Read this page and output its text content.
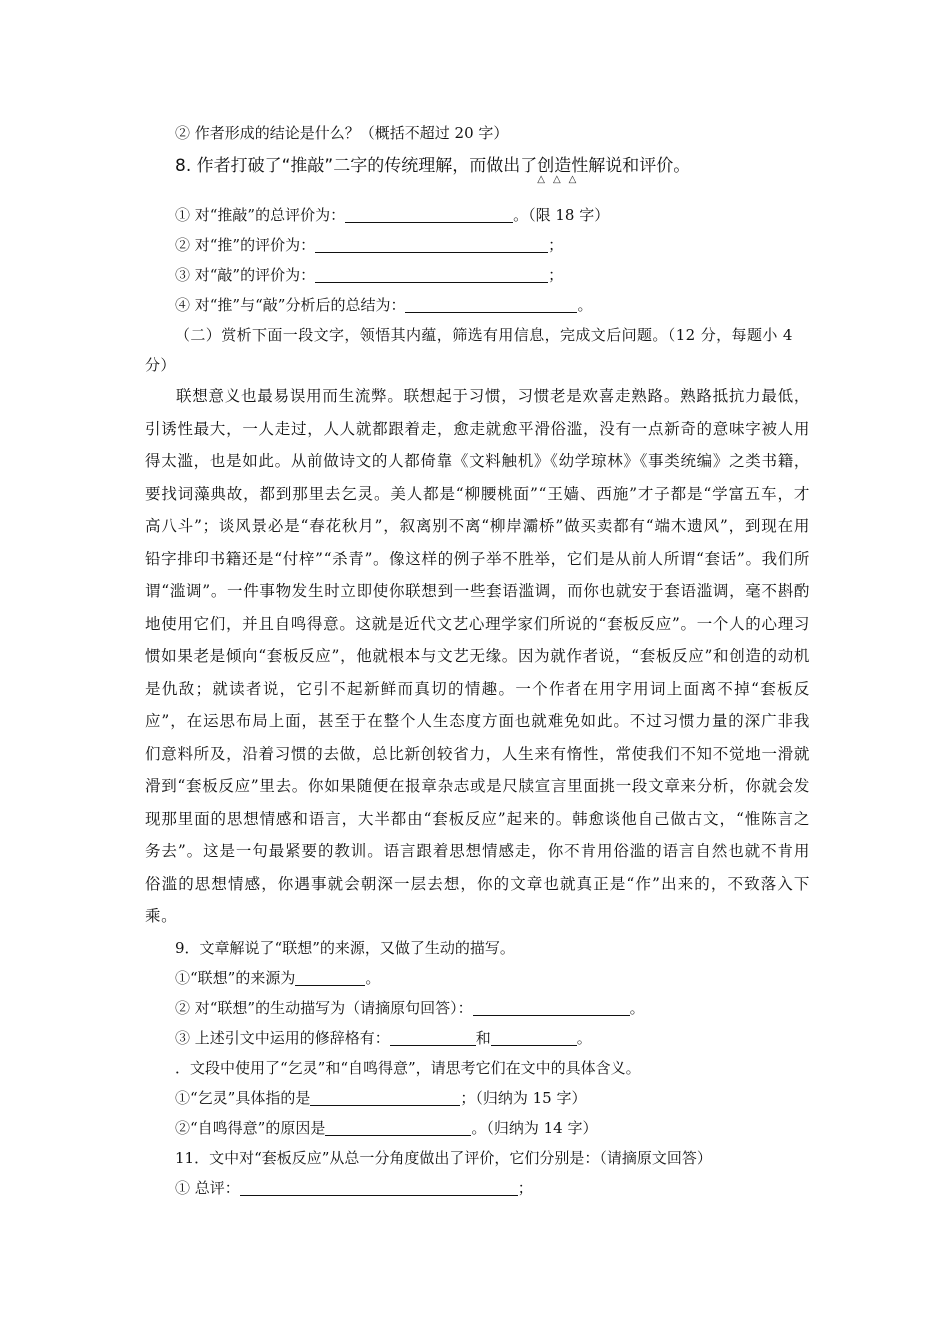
② 作者形成的结论是什么？（概括不超过 20 字）
8. 作者打破了“推敲”二字的传统理解，而做出了创造性
△△△
解说和评价。
① 对“推敲”的总评价为：	。（限 18 字）
② 对“推”的评价为：	；
③ 对“敲”的评价为：	；
④ 对“推”与“敲”分析后的总结为：	。
（二）赏析下面一段文字，领悟其内蕴，筛选有用信息，完成文后问题。（12 分，每题小 4 分）
联想意义也最易误用而生流弊。联想起于习惯，习惯老是欢喜走熟路。熟路抵抗力最低，引诱性最大，一人走过，人人就都跟着走，愈走就愈平滑俗滥，没有一点新奇的意味字被人用得太滥，也是如此。从前做诗文的人都倚靠《文料触机》《幼学琼林》《事类统编》之类书籍，要找词藻典故，都到那里去乞灵。美人都是“柳腰桃面”“王嫱、西施”才子都是“学富五车，才高八斗”；谈风景必是“春花秋月”，叙离别不离“柳岸灞桥”做买卖都有“端木遗风”，到现在用铅字排印书籍还是“付梓”“杀青”。像这样的例子举不胜举，它们是从前人所谓“套话”。我们所谓“滥调”。一件事物发生时立即使你联想到一些套语滥调，而你也就安于套语滥调，毫不斟酌地使用它们，并且自鸣得意。这就是近代文艺心理学家们所说的“套板反应”。一个人的心理习惯如果老是倾向“套板反应”，他就根本与文艺无缘。因为就作者说，“套板反应”和创造的动机是仇敌；就读者说，它引不起新鲜而真切的情趣。一个作者在用字用词上面离不掉“套板反应”，在运思布局上面，甚至于在整个人生态度方面也就难免如此。不过习惯力量的深广非我们意料所及，沿着习惯的去做，总比新创较省力，人生来有惰性，常使我们不知不觉地一滑就滑到“套板反应”里去。你如果随便在报章杂志或是尺牍宣言里面挑一段文章来分析，你就会发现那里面的思想情感和语言，大半都由“套板反应”起来的。韩愈谈他自己做古文，“惟陈言之务去”。这是一句最紧要的教训。语言跟着思想情感走，你不肯用俗滥的语言自然也就不肯用俗滥的思想情感，你遇事就会朝深一层去想，你的文章也就真正是“作”出来的，不致落入下乘。
9．文章解说了“联想”的来源，又做了生动的描写。
①“联想”的来源为	。
② 对“联想”的生动描写为（请摘原句回答）：	。
③ 上述引文中运用的修辞格有：	和	。
．文段中使用了“乞灵”和“自鸣得意”，请思考它们在文中的具体含义。
①“乞灵”具体指的是	；（归纳为 15 字）
②“自鸣得意”的原因是	。（归纳为 14 字）
11．文中对“套板反应”从总一分角度做出了评价，它们分别是：（请摘原文回答）
① 总评：	；
